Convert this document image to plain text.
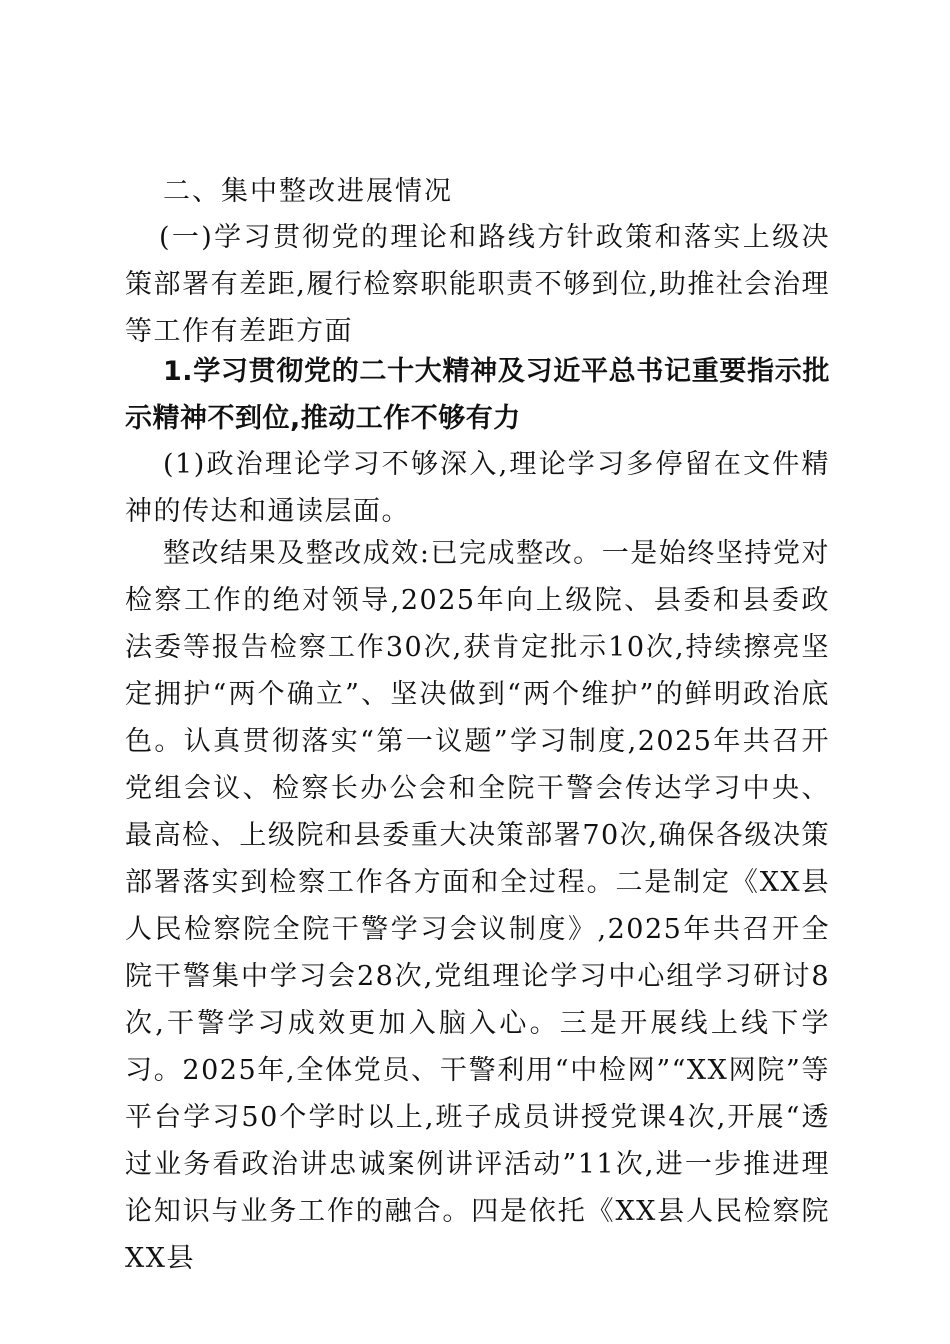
二、集中整改进展情况

(一)学习贯彻党的理论和路线方针政策和落实上级决策部署有差距,履行检察职能职责不够到位,助推社会治理等工作有差距方面

1.学习贯彻党的二十大精神及习近平总书记重要指示批示精神不到位,推动工作不够有力

(1)政治理论学习不够深入,理论学习多停留在文件精神的传达和通读层面。

整改结果及整改成效:已完成整改。一是始终坚持党对检察工作的绝对领导,2025年向上级院、县委和县委政法委等报告检察工作30次,获肯定批示10次,持续擦亮坚定拥护“两个确立”、坚决做到“两个维护”的鲜明政治底色。认真贯彻落实“第一议题”学习制度,2025年共召开党组会议、检察长办公会和全院干警会传达学习中央、最高检、上级院和县委重大决策部署70次,确保各级决策部署落实到检察工作各方面和全过程。二是制定《XX县人民检察院全院干警学习会议制度》,2025年共召开全院干警集中学习会28次,党组理论学习中心组学习研讨8次,干警学习成效更加入脑入心。三是开展线上线下学习。2025年,全体党员、干警利用“中检网”“XX网院”等平台学习50个学时以上,班子成员讲授党课4次,开展“透过业务看政治讲忠诚案例讲评活动”11次,进一步推进理论知识与业务工作的融合。四是依托《XX县人民检察院 XX县
